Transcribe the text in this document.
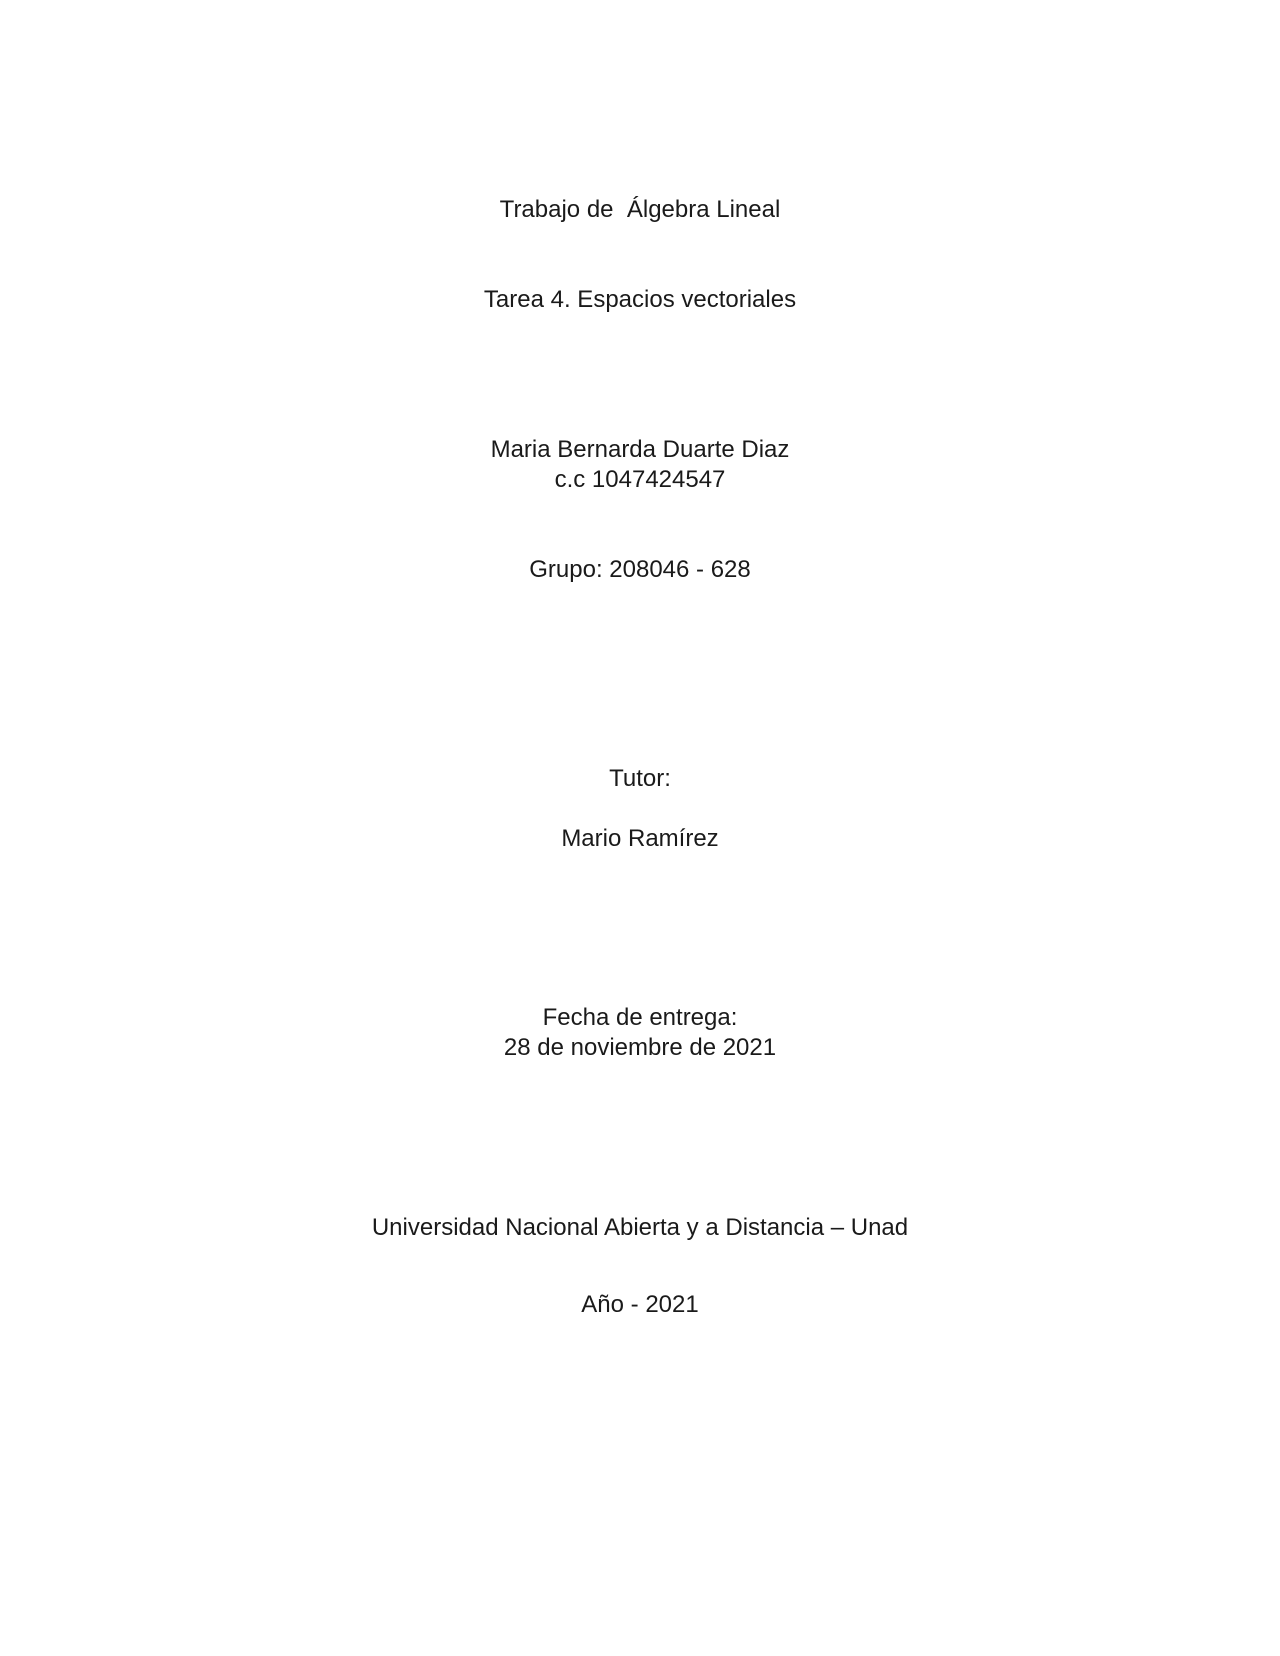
Trabajo de  Álgebra Lineal
Tarea 4. Espacios vectoriales
Maria Bernarda Duarte Diaz
c.c 1047424547
Grupo: 208046 - 628
Tutor:
Mario Ramírez
Fecha de entrega:
28 de noviembre de 2021
Universidad Nacional Abierta y a Distancia – Unad
Año - 2021
